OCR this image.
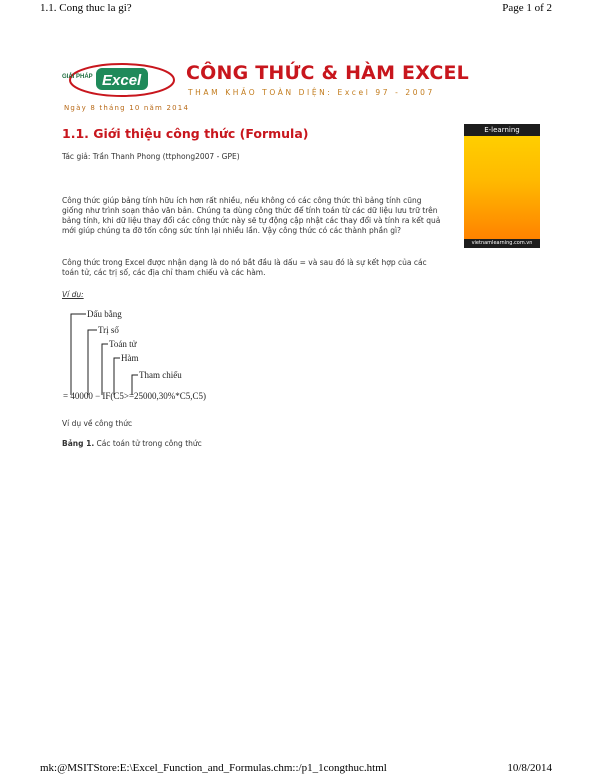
1.1. Cong thuc la gi?	Page 1 of 2
GIẢI PHÁP Excel CÔNG THỨC & HÀM EXCEL
THAM KHẢO TOÀN DIỆN: Excel 97 - 2007
Ngày 8 tháng 10 năm 2014
1.1. Giới thiệu công thức (Formula)
Tác giả: Trần Thanh Phong (ttphong2007 - GPE)
Công thức giúp bảng tính hữu ích hơn rất nhiều, nếu không có các công thức thì bảng tính cũng giống như trình soạn thảo văn bản. Chúng ta dùng công thức để tính toán từ các dữ liệu lưu trữ trên bảng tính, khi dữ liệu thay đổi các công thức này sẽ tự động cập nhật các thay đổi và tính ra kết quả mới giúp chúng ta đỡ tốn công sức tính lại nhiều lần. Vậy công thức có các thành phần gì?
Công thức trong Excel được nhận dạng là do nó bắt đầu là dấu = và sau đó là sự kết hợp của các toán tử, các trị số, các địa chỉ tham chiếu và các hàm.
Ví dụ:
Dấu bằng
Trị số
Toán tử
Hàm
Tham chiếu
= 40000 − IF(C5>=25000,30%*C5,C5)
Ví dụ về công thức
Bảng 1. Các toán tử trong công thức
E-learning
vietnamlearning.com.vn
mk:@MSITStore:E:\Excel_Function_and_Formulas.chm::/p1_1congthuc.html	10/8/2014
